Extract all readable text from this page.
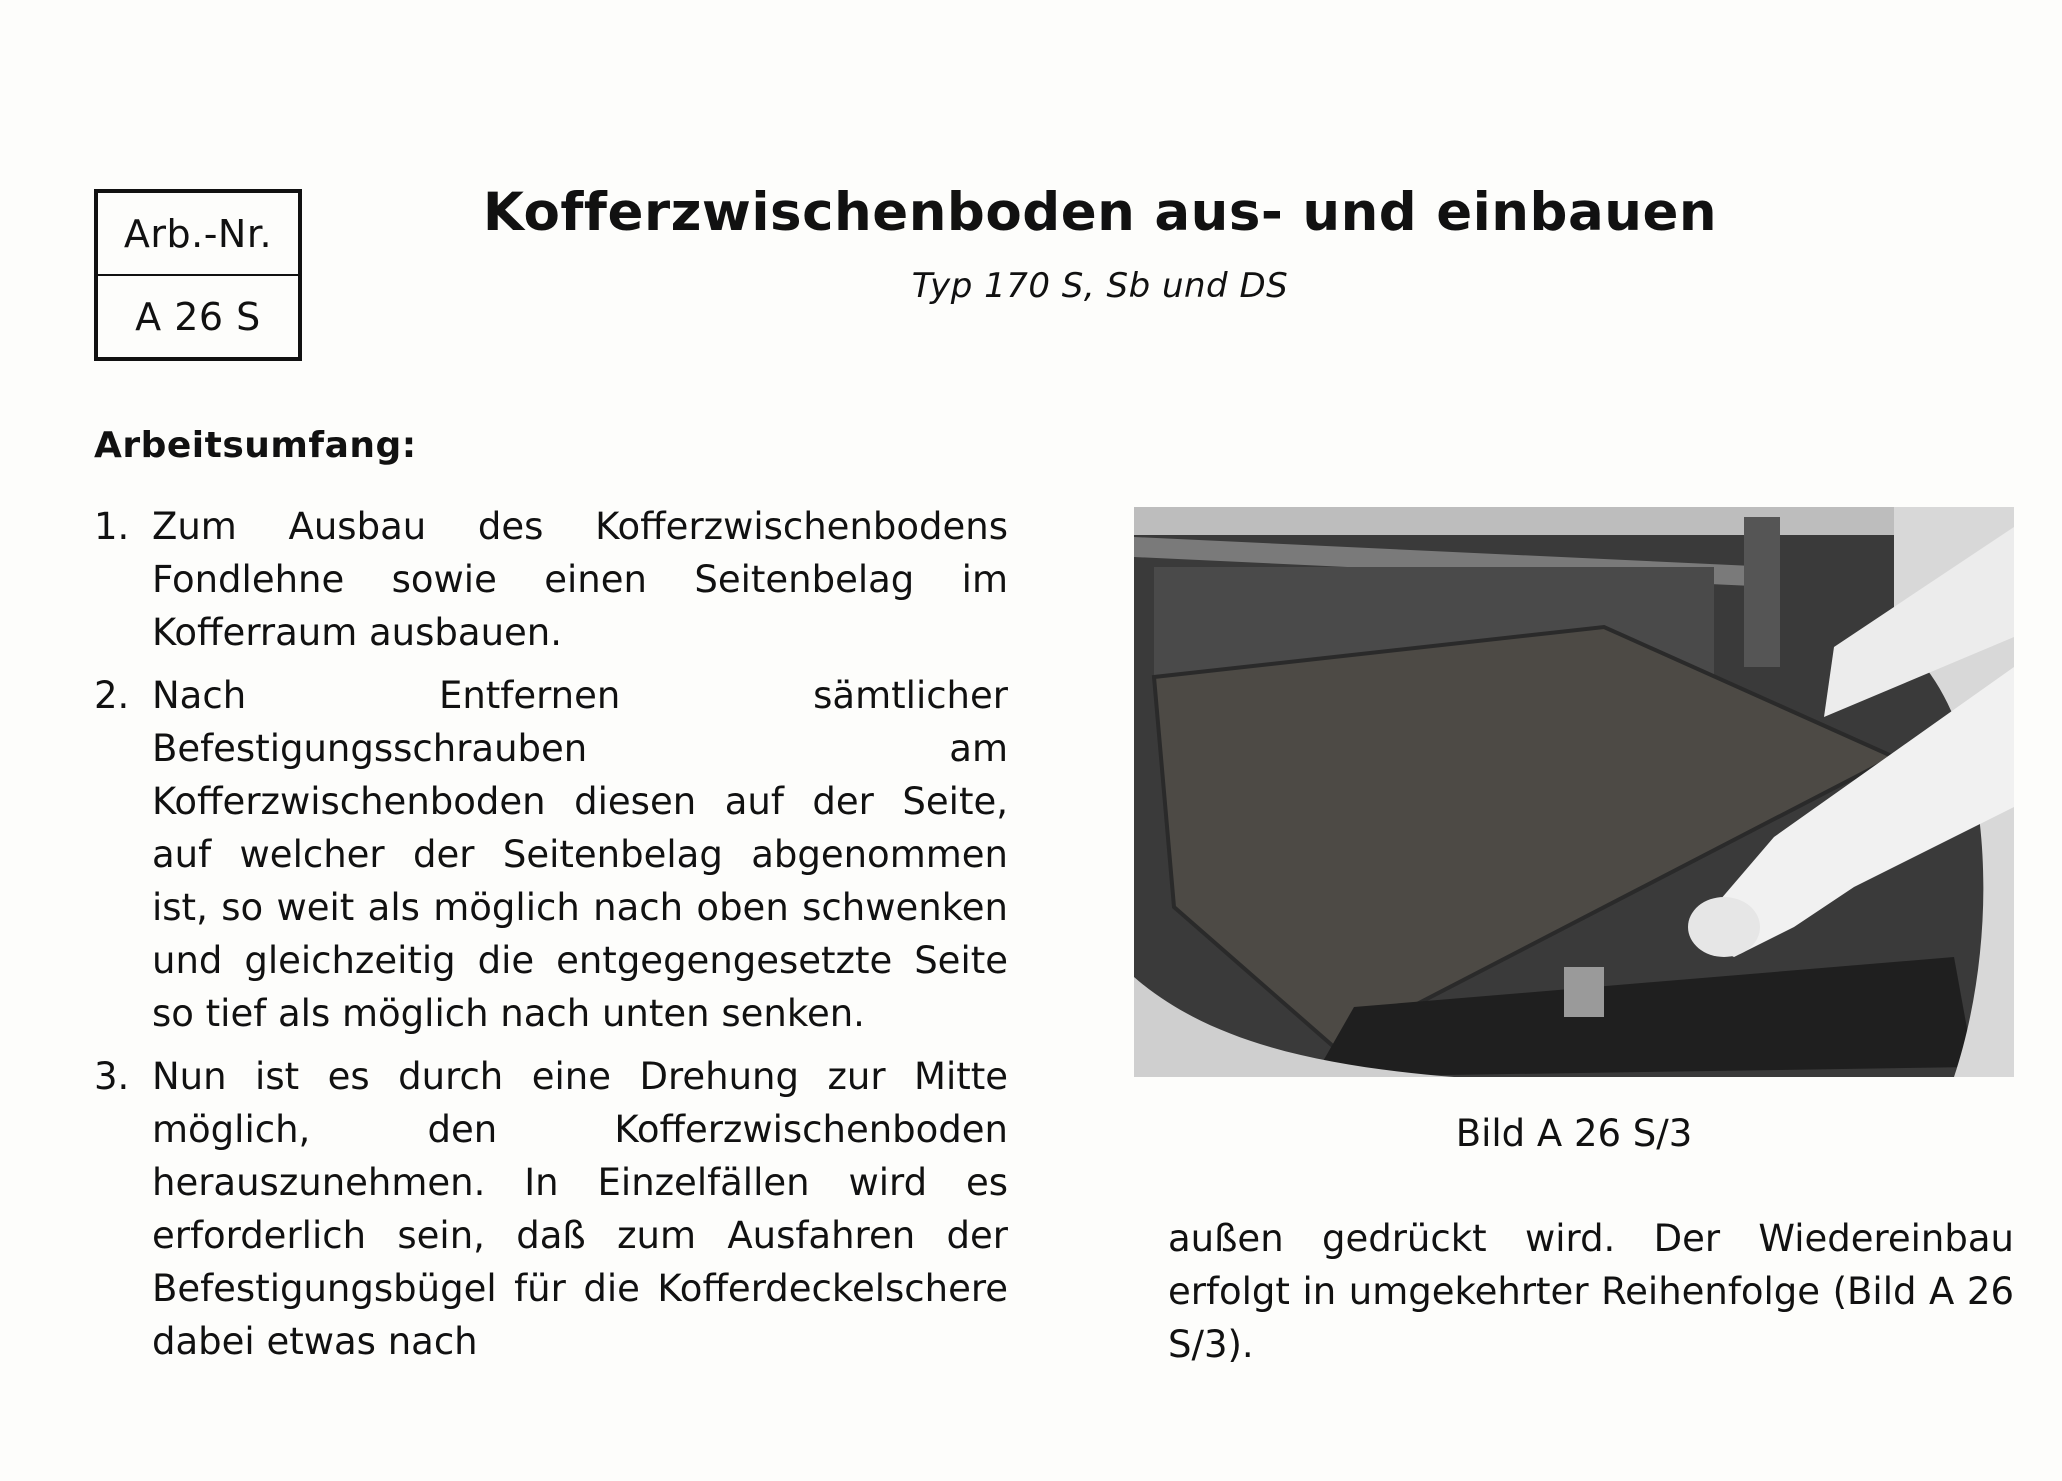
Arb.-Nr.
A 26 S
Kofferzwischenboden aus- und einbauen
Typ 170 S, Sb und DS
Arbeitsumfang:
1. Zum Ausbau des Kofferzwischenbodens Fondlehne sowie einen Seitenbelag im Kofferraum ausbauen.
2. Nach Entfernen sämtlicher Befestigungsschrauben am Kofferzwischenboden diesen auf der Seite, auf welcher der Seitenbelag abgenommen ist, so weit als möglich nach oben schwenken und gleichzeitig die entgegengesetzte Seite so tief als möglich nach unten senken.
3. Nun ist es durch eine Drehung zur Mitte möglich, den Kofferzwischenboden herauszunehmen. In Einzelfällen wird es erforderlich sein, daß zum Ausfahren der Befestigungsbügel für die Kofferdeckelschere dabei etwas nach
Bild A 26 S/3
außen gedrückt wird. Der Wiedereinbau erfolgt in umgekehrter Reihenfolge (Bild A 26 S/3).
